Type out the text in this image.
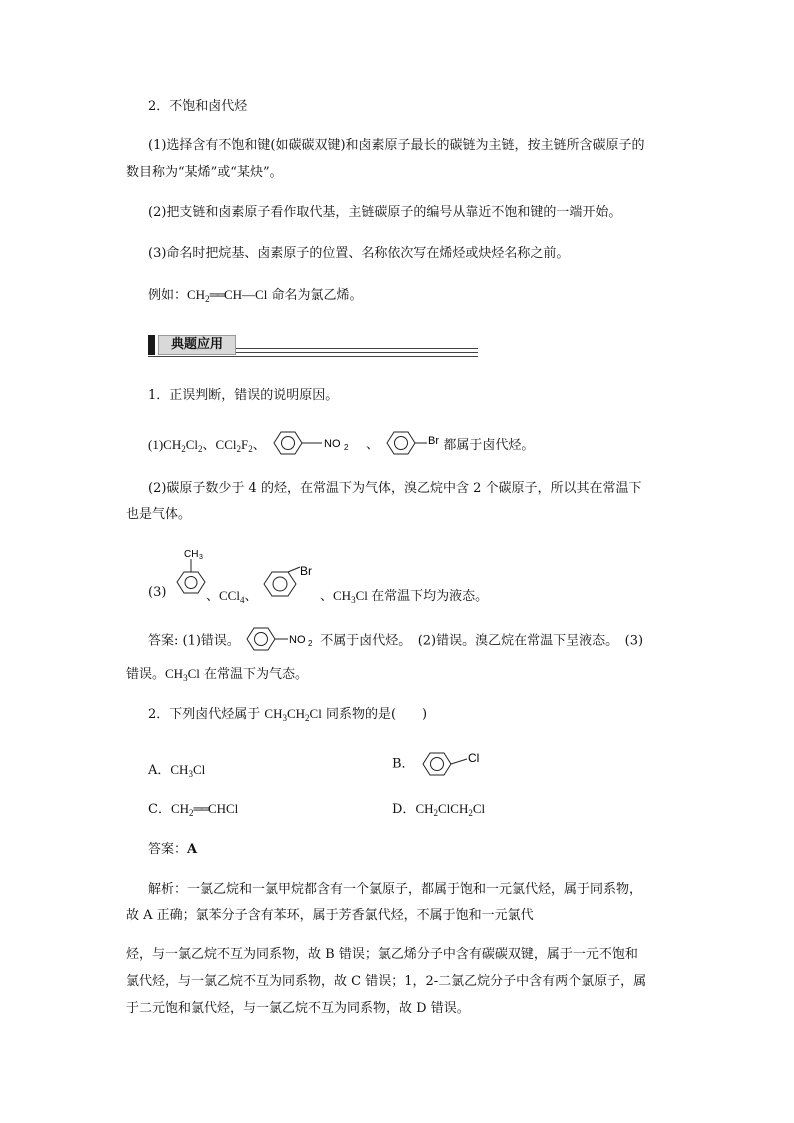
2．不饱和卤代烃
(1)选择含有不饱和键(如碳碳双键)和卤素原子最长的碳链为主链，按主链所含碳原子的
数目称为“某烯”或“某炔”。
(2)把支链和卤素原子看作取代基，主链碳原子的编号从靠近不饱和键的一端开始。
(3)命名时把烷基、卤素原子的位置、名称依次写在烯烃或炔烃名称之前。
例如：$CH_2══CH—Cl$ 命名为氯乙烯。
典题应用
1．正误判断，错误的说明原因。
$(1)CH_2Cl_2$、$CCl_2F_2$、	NO 2 、	Br 都属于卤代烃。
(2)碳原子数少于 4 的烃，在常温下为气体，溴乙烷中含 2 个碳原子，所以其在常温下
也是气体。
(3)
CH 3
、CCl$_4$、
Br
、$CH_3Cl$ 在常温下均为液态。
答案: (1)错误。	NO 2 不属于卤代烃。　(2)错误。溴乙烷在常温下呈液态。　(3)
错误。$CH_3Cl$ 在常温下为气态。
2．下列卤代烃属于 $CH_3CH_2Cl$ 同系物的是(　　)
A．$CH_3Cl$	B．	Cl
C．$CH_2══CHCl$	D．$CH_2ClCH_2Cl$
答案：A
解析：一氯乙烷和一氯甲烷都含有一个氯原子，都属于饱和一元氯代烃，属于同系物，
故 A 正确；氯苯分子含有苯环，属于芳香氯代烃，不属于饱和一元氯代
烃，与一氯乙烷不互为同系物，故 B 错误；氯乙烯分子中含有碳碳双键，属于一元不饱和
氯代烃，与一氯乙烷不互为同系物，故 C 错误；1，2-二氯乙烷分子中含有两个氯原子，属
于二元饱和氯代烃，与一氯乙烷不互为同系物，故 D 错误。
